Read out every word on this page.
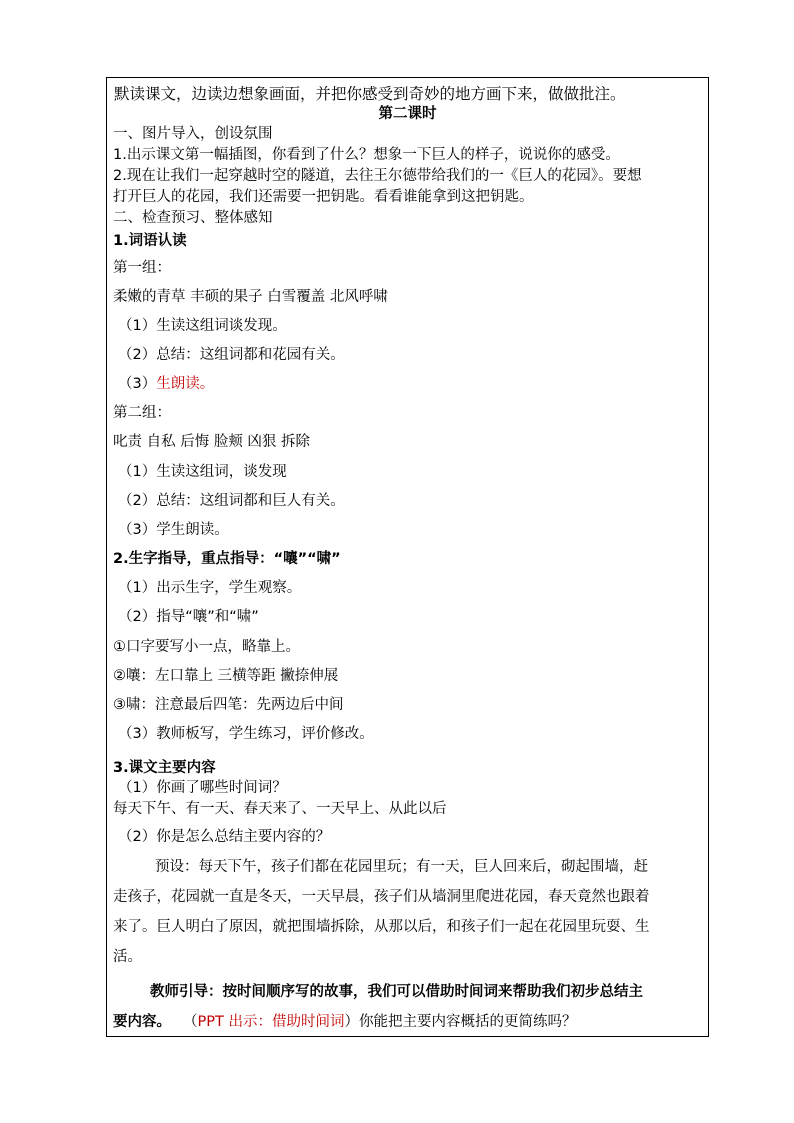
默读课文，边读边想象画面，并把你感受到奇妙的地方画下来，做做批注。
第二课时
一、图片导入，创设氛围
1.出示课文第一幅插图，你看到了什么？想象一下巨人的样子，说说你的感受。
2.现在让我们一起穿越时空的隧道，去往王尔德带给我们的一《巨人的花园》。要想
打开巨人的花园，我们还需要一把钥匙。看看谁能拿到这把钥匙。
二、检查预习、整体感知
1.词语认读
第一组：
柔嫩的青草 丰硕的果子 白雪覆盖 北风呼啸
（1）生读这组词谈发现。
（2）总结：这组词都和花园有关。
（3）生朗读。
第二组：
叱责 自私 后悔 脸颊 凶狠 拆除
（1）生读这组词，谈发现
（2）总结：这组词都和巨人有关。
（3）学生朗读。
2.生字指导，重点指导：“嚷”“啸”
（1）出示生字，学生观察。
（2）指导“嚷”和“啸”
①口字要写小一点，略靠上。
②嚷：左口靠上 三横等距 撇捺伸展
③啸：注意最后四笔：先两边后中间
（3）教师板写，学生练习，评价修改。
3.课文主要内容
（1）你画了哪些时间词？
每天下午、有一天、春天来了、一天早上、从此以后
（2）你是怎么总结主要内容的？
预设：每天下午，孩子们都在花园里玩；有一天，巨人回来后，砌起围墙，赶
走孩子，花园就一直是冬天，一天早晨，孩子们从墙洞里爬进花园，春天竟然也跟着
来了。巨人明白了原因，就把围墙拆除，从那以后，和孩子们一起在花园里玩耍、生
活。
教师引导：按时间顺序写的故事，我们可以借助时间词来帮助我们初步总结主
要内容。 （PPT 出示：借助时间词）你能把主要内容概括的更简练吗？
